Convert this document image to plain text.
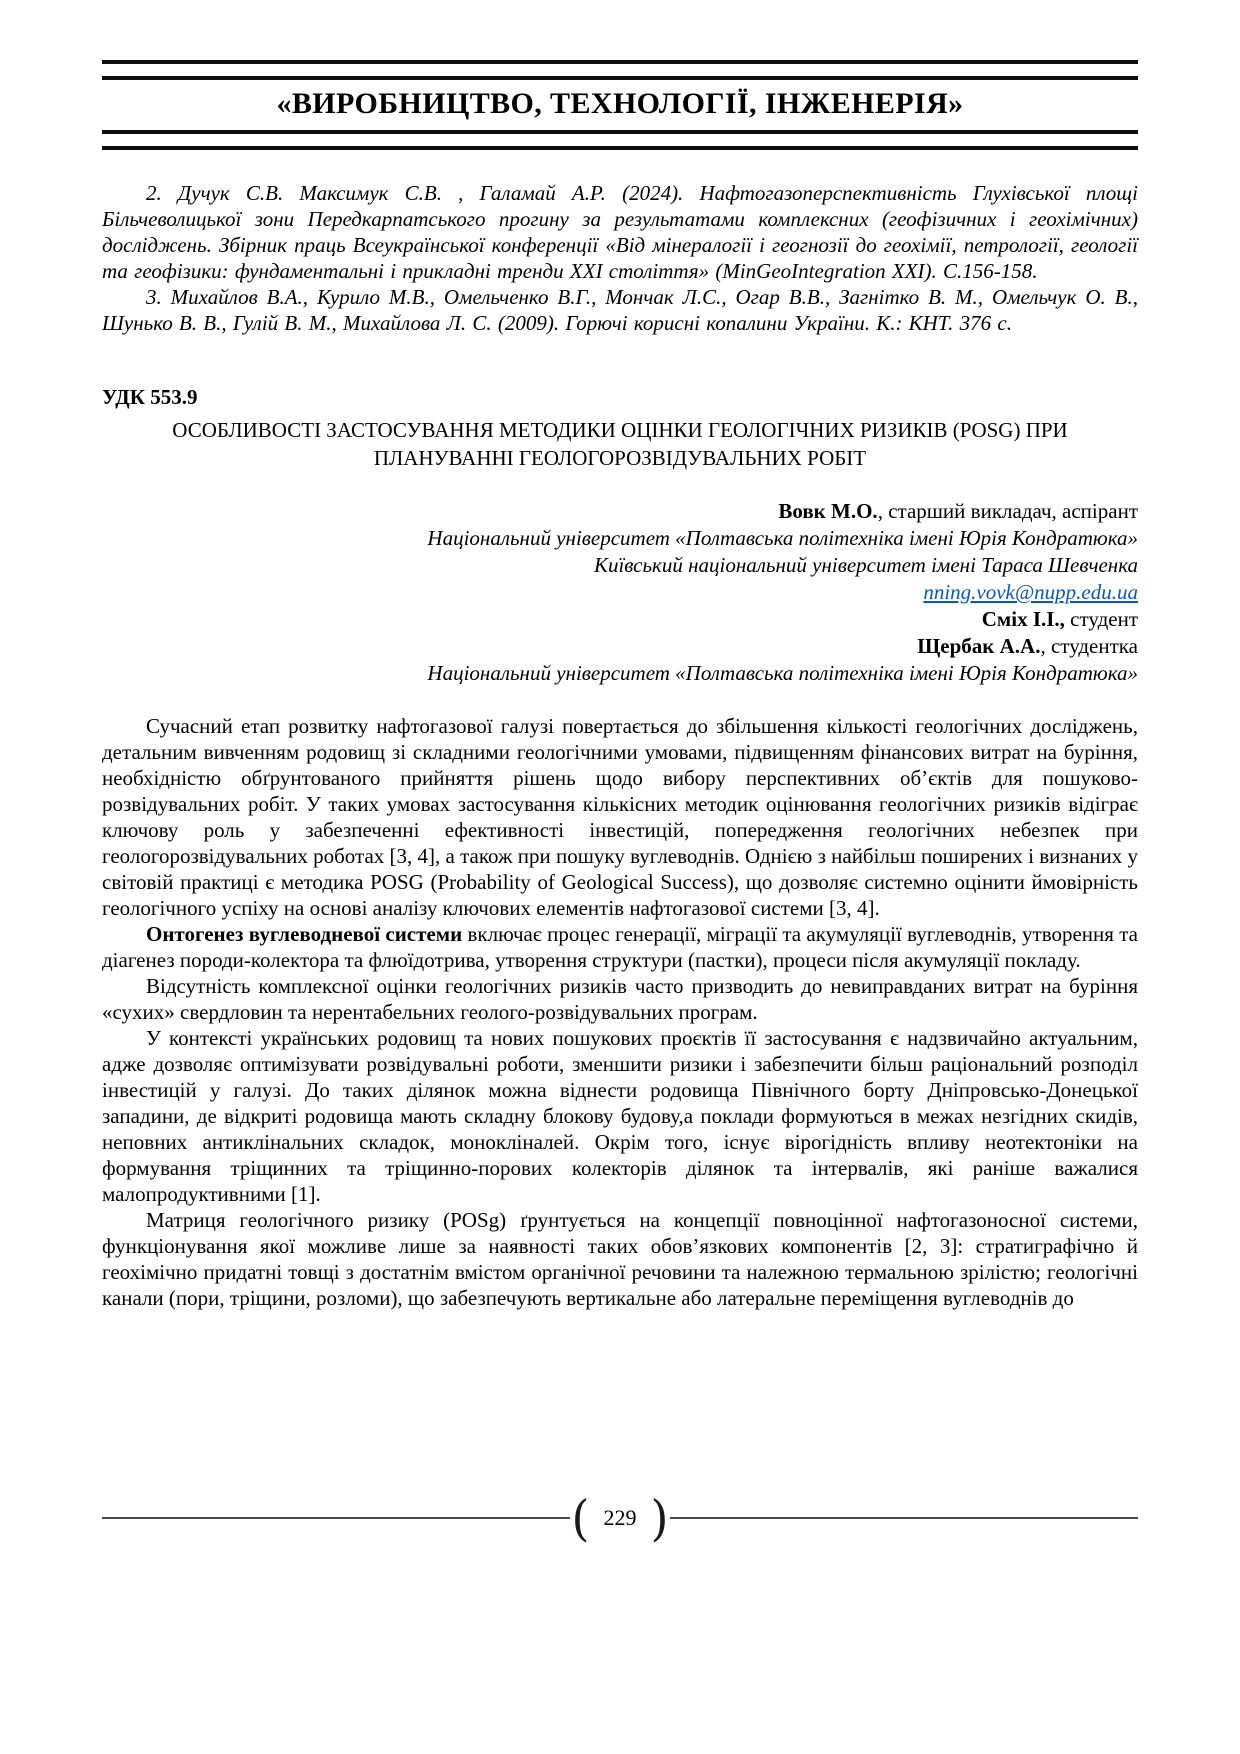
«ВИРОБНИЦТВО, ТЕХНОЛОГІЇ, ІНЖЕНЕРІЯ»

2. Дучук С.В. Максимук С.В. , Галамай А.Р. (2024). Нафтогазоперспективність Глухівської площі Більчеволицької зони Передкарпатського прогину за результатами комплексних (геофізичних і геохімічних) досліджень. Збірник праць Всеукраїнської конференції «Від мінералогії і геогнозії до геохімії, петрології, геології та геофізики: фундаментальні і прикладні тренди XXI століття» (MinGeoIntegration XXI). С.156-158.

3. Михайлов В.А., Курило М.В., Омельченко В.Г., Мончак Л.С., Огар В.В., Загнітко В. М., Омельчук О. В., Шунько В. В., Гулій В. М., Михайлова Л. С. (2009). Горючі корисні копалини України. К.: КНТ. 376 с.

УДК 553.9

ОСОБЛИВОСТІ ЗАСТОСУВАННЯ МЕТОДИКИ ОЦІНКИ ГЕОЛОГІЧНИХ РИЗИКІВ (POSG) ПРИ ПЛАНУВАННІ ГЕОЛОГОРОЗВІДУВАЛЬНИХ РОБІТ

Вовк М.О., старший викладач, аспірант

Національний університет «Полтавська політехніка імені Юрія Кондратюка»

Київський національний університет імені Тараса Шевченка

nning.vovk@nupp.edu.ua

Сміх І.І., студент

Щербак А.А., студентка

Національний університет «Полтавська політехніка імені Юрія Кондратюка»

Сучасний етап розвитку нафтогазової галузі повертається до збільшення кількості геологічних досліджень, детальним вивченням родовищ зі складними геологічними умовами, підвищенням фінансових витрат на буріння, необхідністю обґрунтованого прийняття рішень щодо вибору перспективних об’єктів для пошуково-розвідувальних робіт. У таких умовах застосування кількісних методик оцінювання геологічних ризиків відіграє ключову роль у забезпеченні ефективності інвестицій, попередження геологічних небезпек при геологорозвідувальних роботах [3, 4], а також при пошуку вуглеводнів. Однією з найбільш поширених і визнаних у світовій практиці є методика POSG (Probability of Geological Success), що дозволяє системно оцінити ймовірність геологічного успіху на основі аналізу ключових елементів нафтогазової системи [3, 4].

Онтогенез вуглеводневої системи включає процес генерації, міграції та акумуляції вуглеводнів, утворення та діагенез породи-колектора та флюїдотрива, утворення структури (пастки), процеси після акумуляції покладу.

Відсутність комплексної оцінки геологічних ризиків часто призводить до невиправданих витрат на буріння «сухих» свердловин та нерентабельних геолого-розвідувальних програм.

У контексті українських родовищ та нових пошукових проєктів її застосування є надзвичайно актуальним, адже дозволяє оптимізувати розвідувальні роботи, зменшити ризики і забезпечити більш раціональний розподіл інвестицій у галузі. До таких ділянок можна віднести родовища Північного борту Дніпровсько-Донецької западини, де відкриті родовища мають складну блокову будову,а поклади формуються в межах незгідних скидів, неповних антиклінальних складок, монокліналей. Окрім того, існує вірогідність впливу неотектоніки на формування тріщинних та тріщинно-порових колекторів ділянок та інтервалів, які раніше важалися малопродуктивними [1].

Матриця геологічного ризику (POSg) ґрунтується на концепції повноцінної нафтогазоносної системи, функціонування якої можливе лише за наявності таких обов’язкових компонентів [2, 3]: стратиграфічно й геохімічно придатні товщі з достатнім вмістом органічної речовини та належною термальною зрілістю; геологічні канали (пори, тріщини, розломи), що забезпечують вертикальне або латеральне переміщення вуглеводнів до

( 229 )
